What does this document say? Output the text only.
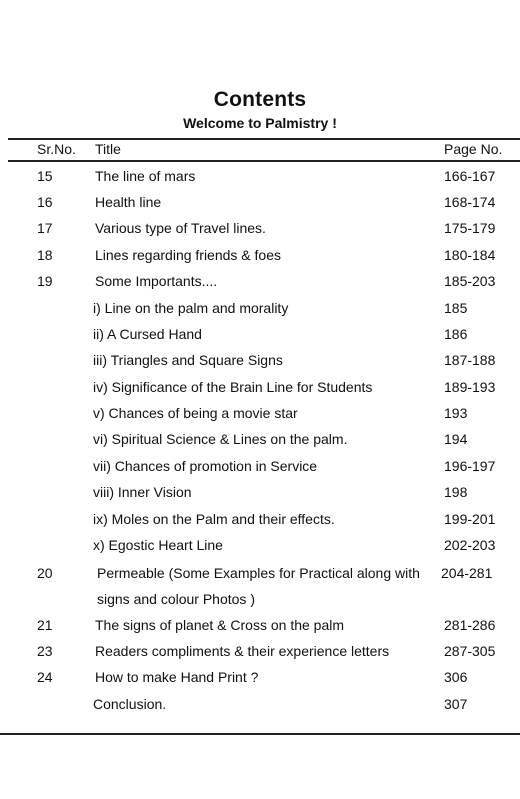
Contents
Welcome to Palmistry !
Sr.No. Title	Page No.
15	The line of mars	166-167
16	Health line	168-174
17	Various type of Travel lines.	175-179
18	Lines regarding friends & foes	180-184
19	Some Importants....	185-203
i) Line on the palm and morality	185
ii) A Cursed Hand	186
iii) Triangles and Square Signs	187-188
iv) Significance of the Brain Line for Students	189-193
v) Chances of being a movie star	193
vi) Spiritual Science & Lines on the palm.	194
vii) Chances of promotion in Service	196-197
viii) Inner Vision	198
ix) Moles on the Palm and their effects.	199-201
x) Egostic Heart Line	202-203
20	Permeable (Some Examples for Practical along with 204-281
signs and colour Photos )
21	The signs of planet & Cross on the palm	281-286
23	Readers compliments & their experience letters	287-305
24	How to make Hand Print ?	306
Conclusion.	307
